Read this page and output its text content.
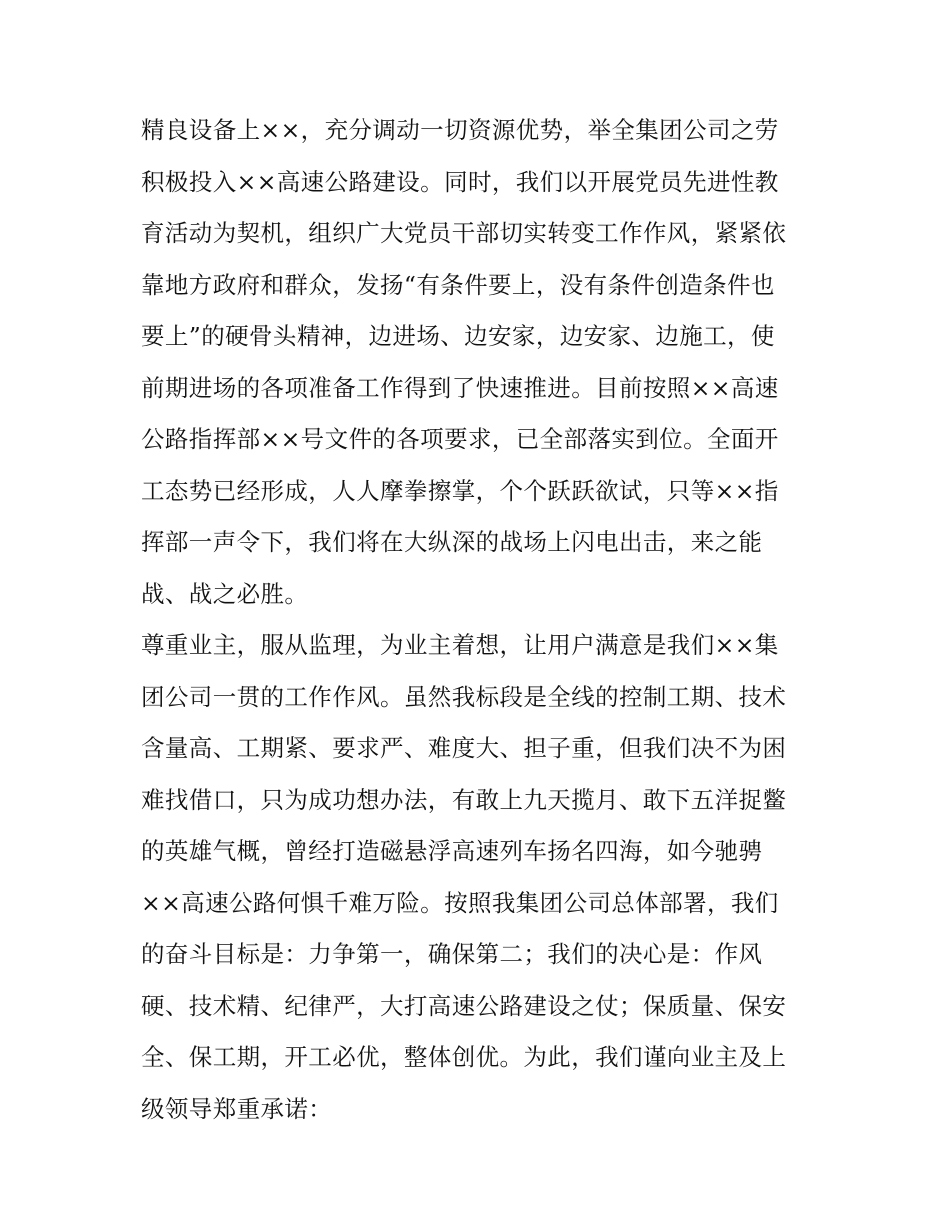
精良设备上××，充分调动一切资源优势，举全集团公司之劳
积极投入××高速公路建设。同时，我们以开展党员先进性教
育活动为契机，组织广大党员干部切实转变工作作风，紧紧依
靠地方政府和群众，发扬“有条件要上，没有条件创造条件也
要上”的硬骨头精神，边进场、边安家，边安家、边施工，使
前期进场的各项准备工作得到了快速推进。目前按照××高速
公路指挥部××号文件的各项要求，已全部落实到位。全面开
工态势已经形成，人人摩拳擦掌，个个跃跃欲试，只等××指
挥部一声令下，我们将在大纵深的战场上闪电出击，来之能
战、战之必胜。
尊重业主，服从监理，为业主着想，让用户满意是我们××集
团公司一贯的工作作风。虽然我标段是全线的控制工期、技术
含量高、工期紧、要求严、难度大、担子重，但我们决不为困
难找借口，只为成功想办法，有敢上九天揽月、敢下五洋捉鳖
的英雄气概，曾经打造磁悬浮高速列车扬名四海，如今驰骋
××高速公路何惧千难万险。按照我集团公司总体部署，我们
的奋斗目标是：力争第一，确保第二；我们的决心是：作风
硬、技术精、纪律严，大打高速公路建设之仗；保质量、保安
全、保工期，开工必优，整体创优。为此，我们谨向业主及上
级领导郑重承诺：
